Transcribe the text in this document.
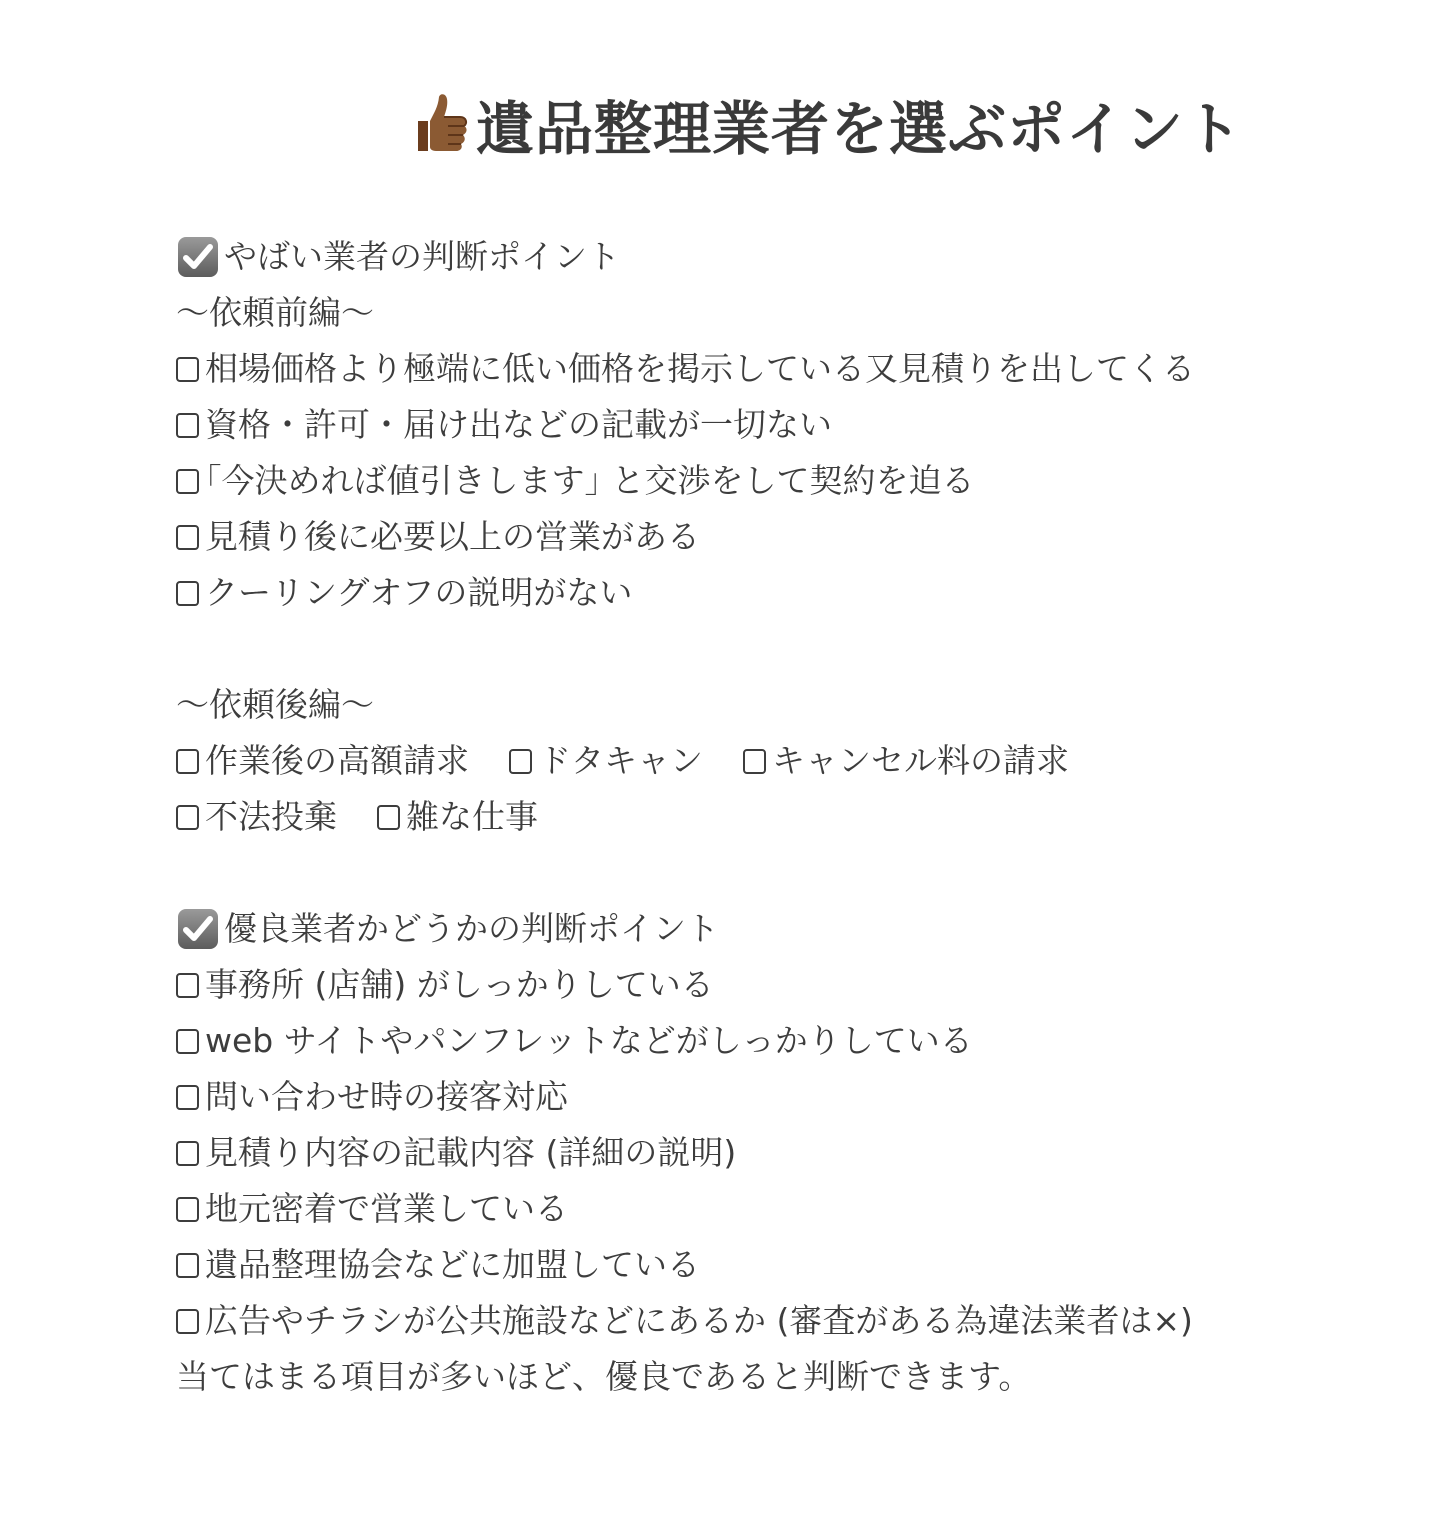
遺品整理業者を選ぶポイント
やばい業者の判断ポイント
〜依頼前編〜
相場価格より極端に低い価格を掲示している又見積りを出してくる
資格・許可・届け出などの記載が一切ない
｢今決めれば値引きします｣ と交渉をして契約を迫る
見積り後に必要以上の営業がある
クーリングオフの説明がない
〜依頼後編〜
作業後の高額請求 ドタキャン キャンセル料の請求
不法投棄 雑な仕事
優良業者かどうかの判断ポイント
事務所 (店舗) がしっかりしている
web サイトやパンフレットなどがしっかりしている
問い合わせ時の接客対応
見積り内容の記載内容 (詳細の説明)
地元密着で営業している
遺品整理協会などに加盟している
広告やチラシが公共施設などにあるか (審査がある為違法業者は×)
当てはまる項目が多いほど、優良であると判断できます。
